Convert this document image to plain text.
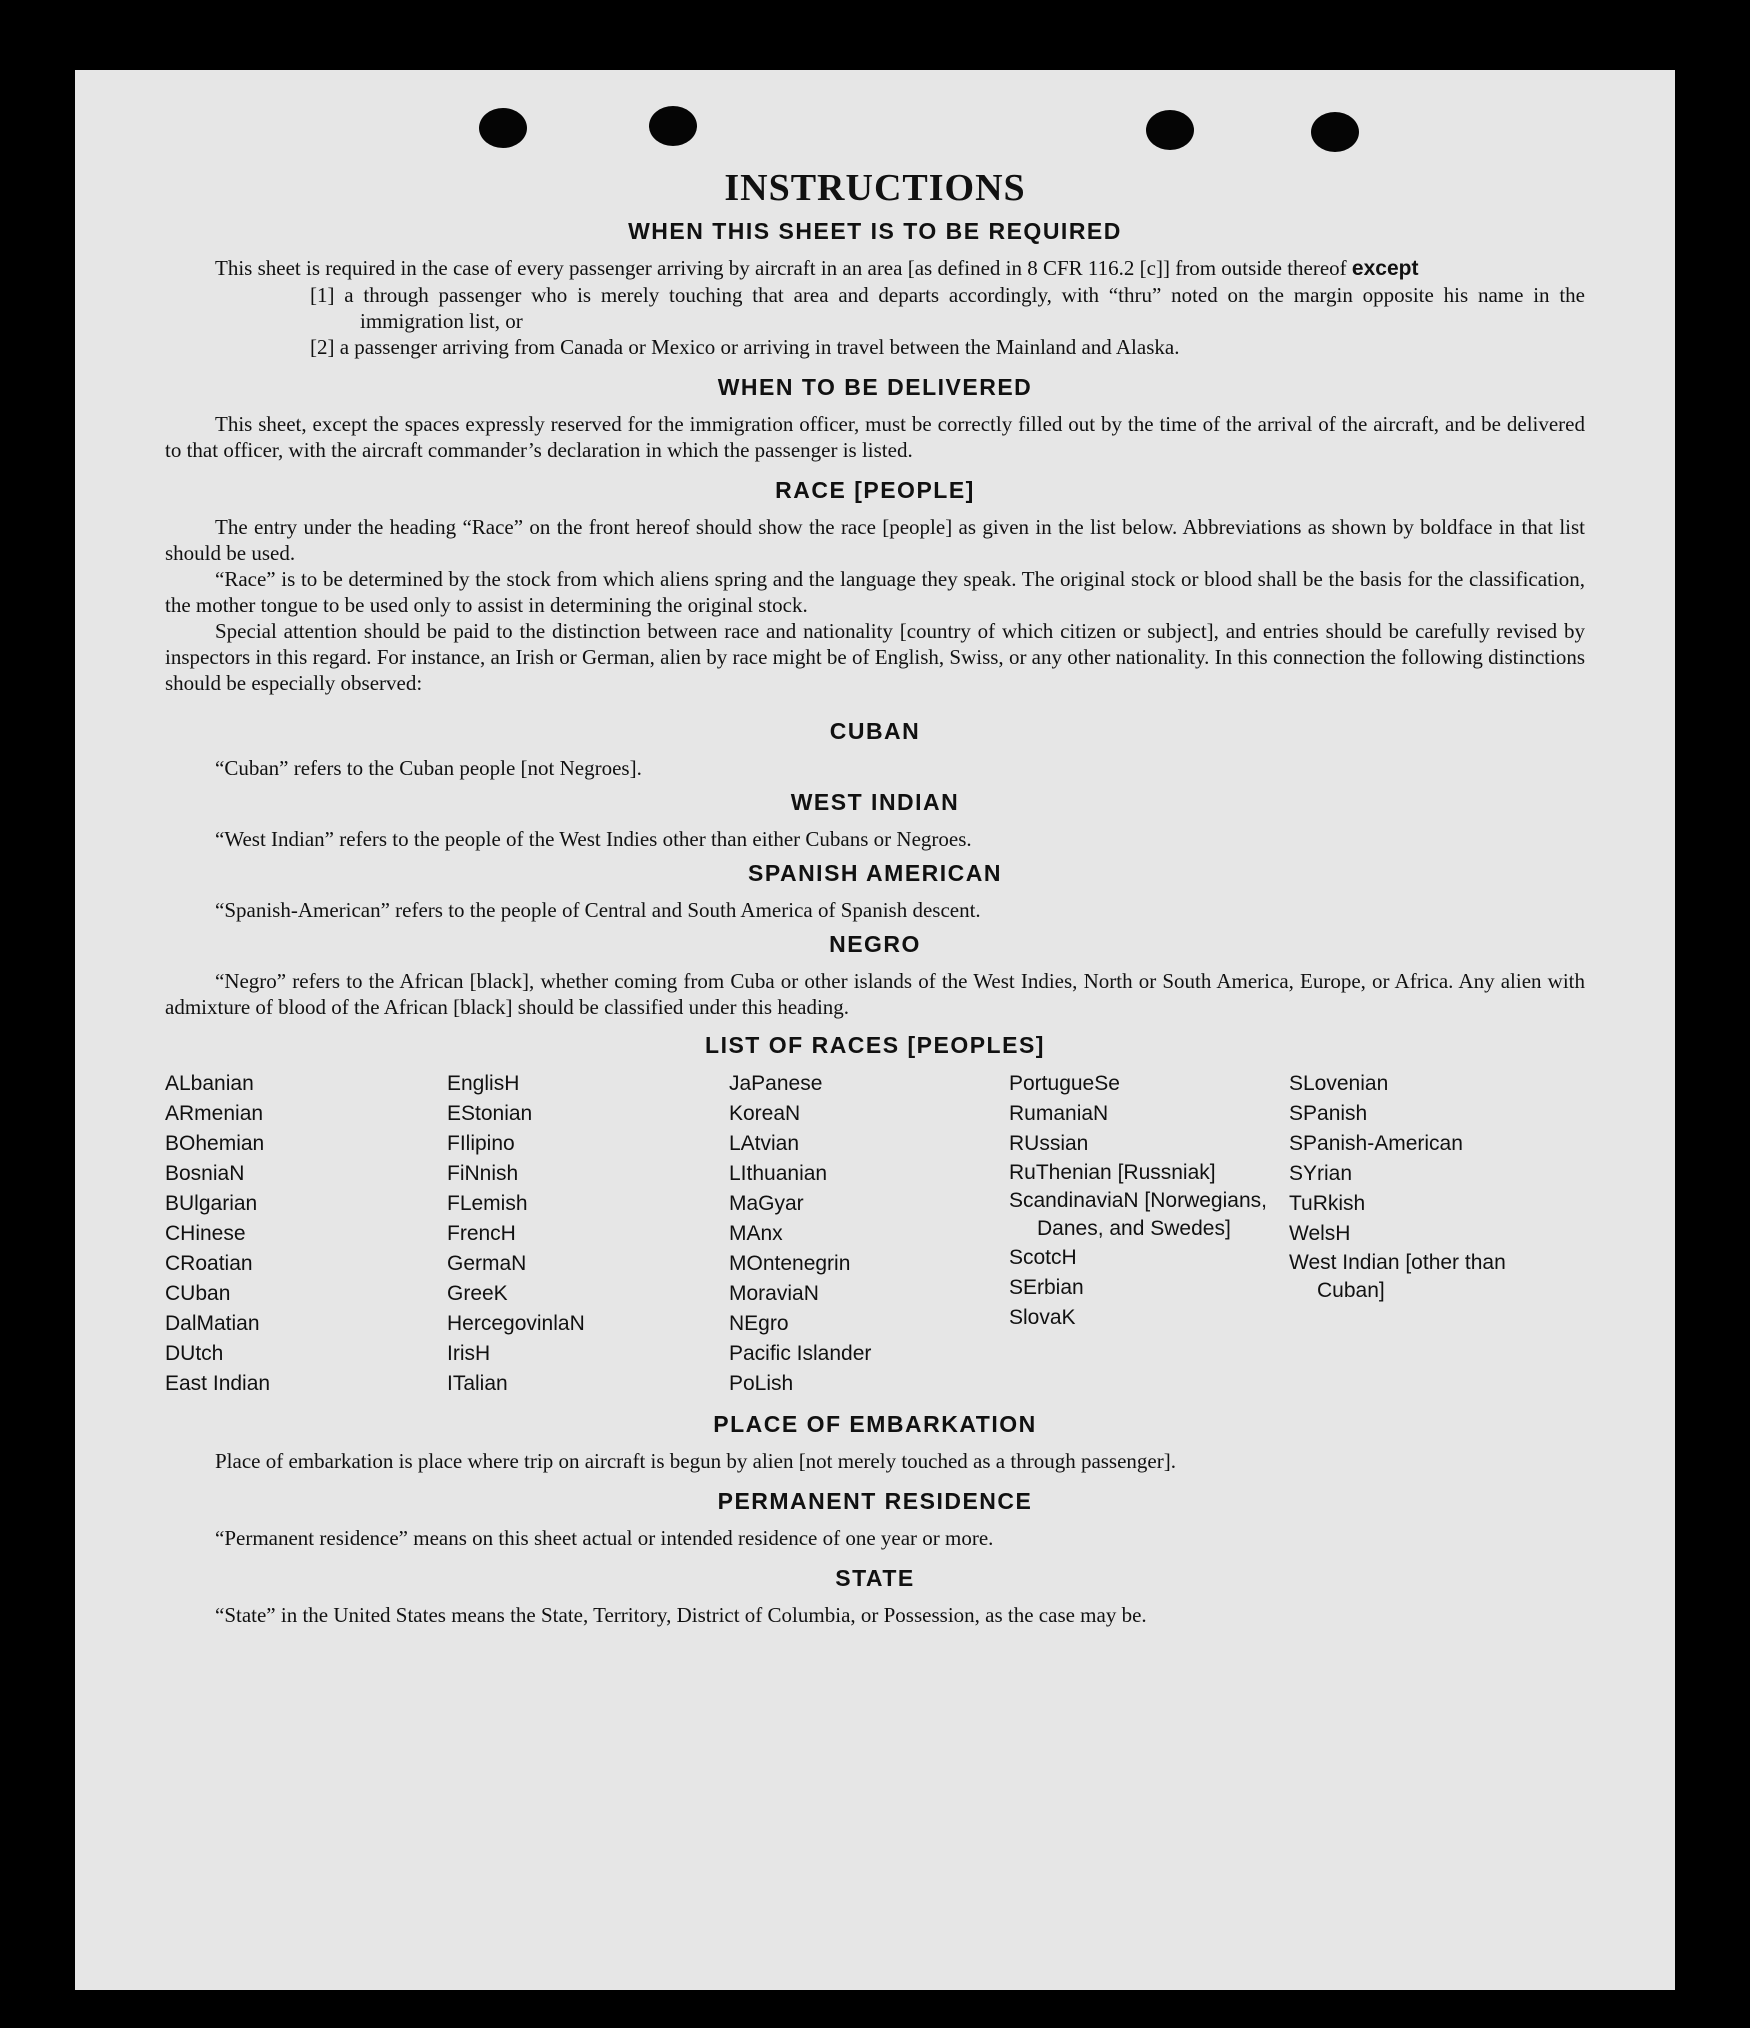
INSTRUCTIONS
WHEN THIS SHEET IS TO BE REQUIRED

This sheet is required in the case of every passenger arriving by aircraft in an area [as defined in 8 CFR 116.2 [c]] from outside thereof except

[1] a through passenger who is merely touching that area and departs accordingly, with “thru” noted on the margin opposite his name in the immigration list, or

[2] a passenger arriving from Canada or Mexico or arriving in travel between the Mainland and Alaska.

WHEN TO BE DELIVERED

This sheet, except the spaces expressly reserved for the immigration officer, must be correctly filled out by the time of the arrival of the aircraft, and be delivered to that officer, with the aircraft commander’s declaration in which the passenger is listed.

RACE [PEOPLE]

The entry under the heading “Race” on the front hereof should show the race [people] as given in the list below. Abbreviations as shown by boldface in that list should be used.

“Race” is to be determined by the stock from which aliens spring and the language they speak. The original stock or blood shall be the basis for the classification, the mother tongue to be used only to assist in determining the original stock.

Special attention should be paid to the distinction between race and nationality [country of which citizen or subject], and entries should be carefully revised by inspectors in this regard. For instance, an Irish or German, alien by race might be of English, Swiss, or any other nationality. In this connection the following distinctions should be especially observed:

CUBAN

“Cuban” refers to the Cuban people [not Negroes].

WEST INDIAN

“West Indian” refers to the people of the West Indies other than either Cubans or Negroes.

SPANISH AMERICAN

“Spanish-American” refers to the people of Central and South America of Spanish descent.

NEGRO

“Negro” refers to the African [black], whether coming from Cuba or other islands of the West Indies, North or South America, Europe, or Africa. Any alien with admixture of blood of the African [black] should be classified under this heading.

LIST OF RACES [PEOPLES]
ALbanian
ARmenian
BOhemian
BosniaN
BUlgarian
CHinese
CRoatian
CUban
DalMatian
DUtch
East Indian
EnglisH
EStonian
FIlipino
FiNnish
FLemish
FrencH
GermaN
GreeK
HercegovinlaN
IrisH
ITalian
JaPanese
KoreaN
LAtvian
LIthuanian
MaGyar
MAnx
MOntenegrin
MoraviaN
NEgro
Pacific Islander
PoLish
PortugueSe
RumaniaN
RUssian
RuThenian [Russniak]
ScandinaviaN [Norwegians, Danes, and Swedes]
ScotcH
SErbian
SlovaK
SLovenian
SPanish
SPanish-American
SYrian
TuRkish
WelsH
West Indian [other than Cuban]
PLACE OF EMBARKATION

Place of embarkation is place where trip on aircraft is begun by alien [not merely touched as a through passenger].

PERMANENT RESIDENCE

“Permanent residence” means on this sheet actual or intended residence of one year or more.

STATE

“State” in the United States means the State, Territory, District of Columbia, or Possession, as the case may be.
